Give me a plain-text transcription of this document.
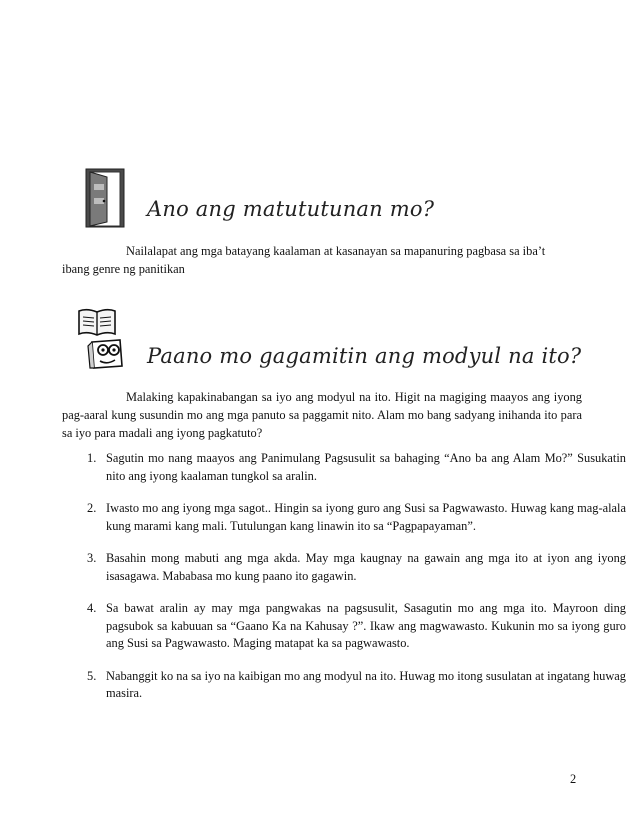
Ano ang matututunan mo?
Nailalapat ang mga batayang kaalaman at kasanayan sa mapanuring pagbasa sa iba’t
ibang genre ng panitikan
Paano mo gagamitin ang modyul na ito?
Malaking kapakinabangan sa iyo ang modyul na ito. Higit na magiging maayos ang iyong pag-aaral kung susundin mo ang mga panuto sa paggamit nito. Alam mo bang sadyang inihanda ito para sa iyo para madali ang iyong pagkatuto?
1. Sagutin mo nang maayos ang Panimulang Pagsusulit sa bahaging “Ano ba ang Alam Mo?” Susukatin nito ang iyong kaalaman tungkol sa aralin.
2. Iwasto mo ang iyong mga sagot.. Hingin sa iyong guro ang Susi sa Pagwawasto. Huwag kang mag-alala kung marami kang mali. Tutulungan kang linawin ito sa “Pagpapayaman”.
3. Basahin mong mabuti ang mga akda. May mga kaugnay na gawain ang mga ito at iyon ang iyong isasagawa. Mababasa mo kung paano ito gagawin.
4. Sa bawat aralin ay may mga pangwakas na pagsusulit, Sasagutin mo ang mga ito. Mayroon ding pagsubok sa kabuuan sa “Gaano Ka na Kahusay ?”. Ikaw ang magwawasto. Kukunin mo sa iyong guro ang Susi sa Pagwawasto. Maging matapat ka sa pagwawasto.
5. Nabanggit ko na sa iyo na kaibigan mo ang modyul na ito. Huwag mo itong susulatan at ingatang huwag masira.
2
